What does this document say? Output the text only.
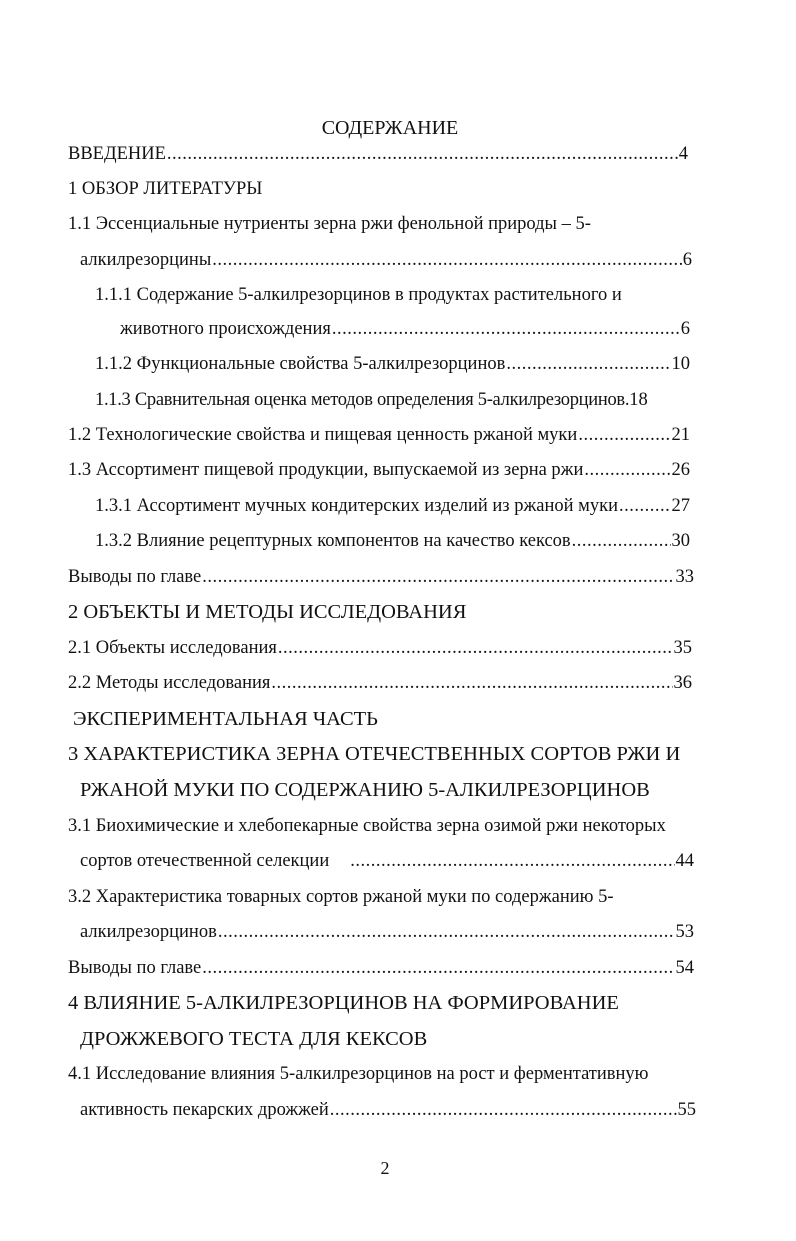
СОДЕРЖАНИЕ
ВВЕДЕНИЕ .....	4
1 ОБЗОР ЛИТЕРАТУРЫ
1.1 Эссенциальные нутриенты зерна ржи фенольной природы – 5-
алкилрезорцины .....	6
1.1.1 Содержание 5-алкилрезорцинов в продуктах растительного и
животного происхождения .....	6
1.1.2 Функциональные свойства 5-алкилрезорцинов .....	10
1.1.3 Сравнительная оценка методов определения 5-алкилрезорцинов. 18
1.2 Технологические свойства и пищевая ценность ржаной муки .....	21
1.3 Ассортимент пищевой продукции, выпускаемой из зерна ржи .....	26
1.3.1 Ассортимент мучных кондитерских изделий из ржаной муки .....	27
1.3.2 Влияние рецептурных компонентов на качество кексов .....	30
Выводы по главе .....	33
2 ОБЪЕКТЫ И МЕТОДЫ ИССЛЕДОВАНИЯ
2.1 Объекты исследования .....	35
2.2 Методы исследования .....	36
ЭКСПЕРИМЕНТАЛЬНАЯ ЧАСТЬ
3 ХАРАКТЕРИСТИКА ЗЕРНА ОТЕЧЕСТВЕННЫХ СОРТОВ РЖИ И
РЖАНОЙ МУКИ ПО СОДЕРЖАНИЮ 5-АЛКИЛРЕЗОРЦИНОВ
3.1 Биохимические и хлебопекарные свойства зерна озимой ржи некоторых
сортов отечественной селекции .....	44
3.2 Характеристика товарных сортов ржаной муки по содержанию 5-
алкилрезорцинов .....	53
Выводы по главе .....	54
4 ВЛИЯНИЕ 5-АЛКИЛРЕЗОРЦИНОВ НА ФОРМИРОВАНИЕ
ДРОЖЖЕВОГО ТЕСТА ДЛЯ КЕКСОВ
4.1 Исследование влияния 5-алкилрезорцинов на рост и ферментативную
активность пекарских дрожжей .....	55
2
